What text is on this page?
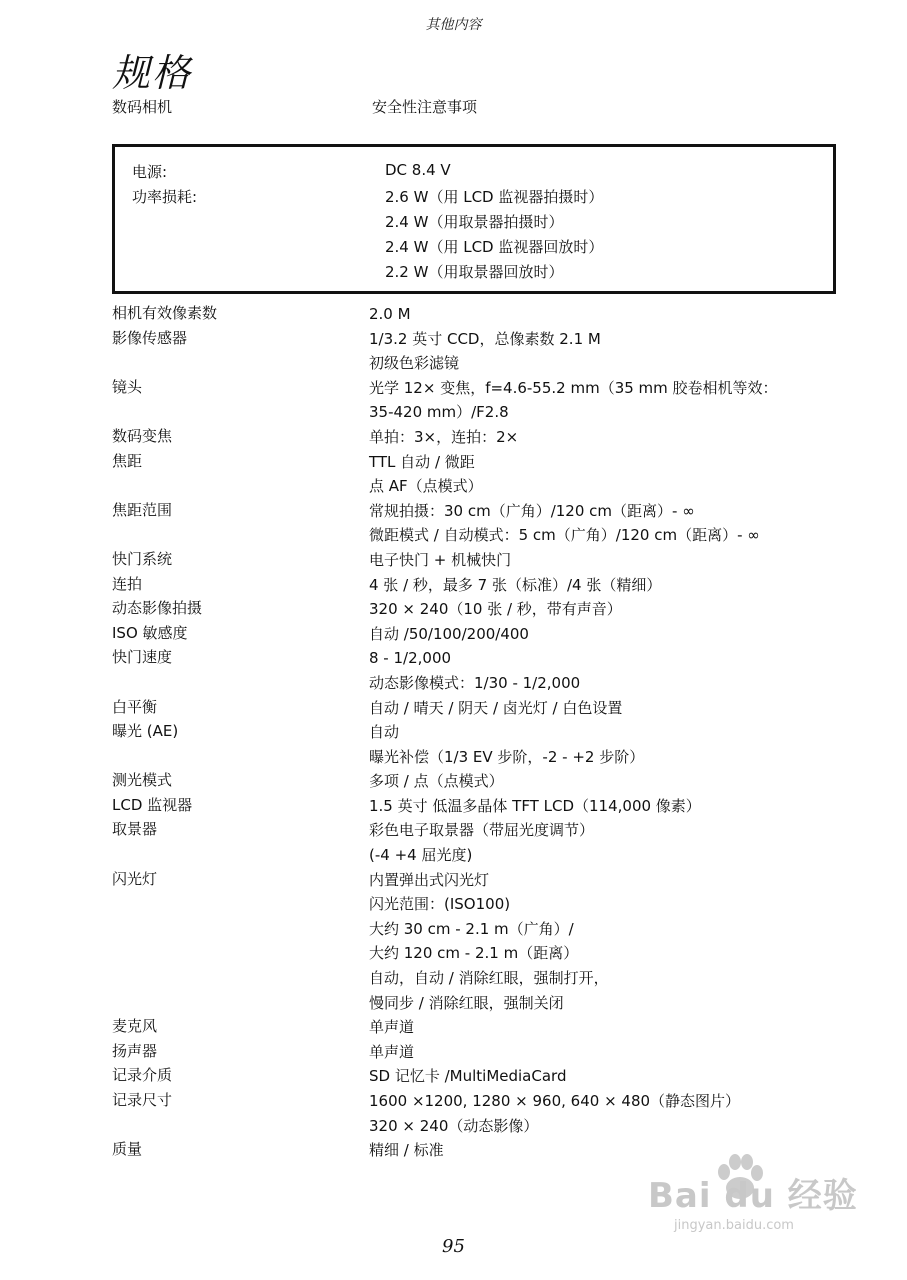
其他内容
规格
数码相机	安全性注意事项
电源:	DC 8.4 V
功率损耗:	2.6 W（用 LCD 监视器拍摄时）
2.4 W（用取景器拍摄时）
2.4 W（用 LCD 监视器回放时）
2.2 W（用取景器回放时）
相机有效像素数	2.0 M
影像传感器	1/3.2 英寸 CCD，总像素数 2.1 M
初级色彩滤镜
镜头	光学 12× 变焦，f=4.6-55.2 mm（35 mm 胶卷相机等效：
35-420 mm）/F2.8
数码变焦	单拍：3×，连拍：2×
焦距	TTL 自动 / 微距
点 AF（点模式）
焦距范围	常规拍摄：30 cm（广角）/120 cm（距离）- ∞
微距模式 / 自动模式：5 cm（广角）/120 cm（距离）- ∞
快门系统	电子快门 + 机械快门
连拍	4 张 / 秒，最多 7 张（标准）/4 张（精细）
动态影像拍摄	320 × 240（10 张 / 秒，带有声音）
ISO 敏感度	自动 /50/100/200/400
快门速度	8 - 1/2,000
动态影像模式：1/30 - 1/2,000
白平衡	自动 / 晴天 / 阴天 / 卤光灯 / 白色设置
曝光 (AE)	自动
曝光补偿（1/3 EV 步阶，-2 - +2 步阶）
测光模式	多项 / 点（点模式）
LCD 监视器	1.5 英寸 低温多晶体 TFT LCD（114,000 像素）
取景器	彩色电子取景器（带屈光度调节）
(-4 +4 屈光度)
闪光灯	内置弹出式闪光灯
闪光范围：(ISO100)
大约 30 cm - 2.1 m（广角）/
大约 120 cm - 2.1 m（距离）
自动，自动 / 消除红眼，强制打开，
慢同步 / 消除红眼，强制关闭
麦克风	单声道
扬声器	单声道
记录介质	SD 记忆卡 /MultiMediaCard
记录尺寸	1600 ×1200, 1280 × 960, 640 × 480（静态图片）
320 × 240（动态影像）
质量	精细 / 标准
95
Bai du 经验
jingyan.baidu.com
